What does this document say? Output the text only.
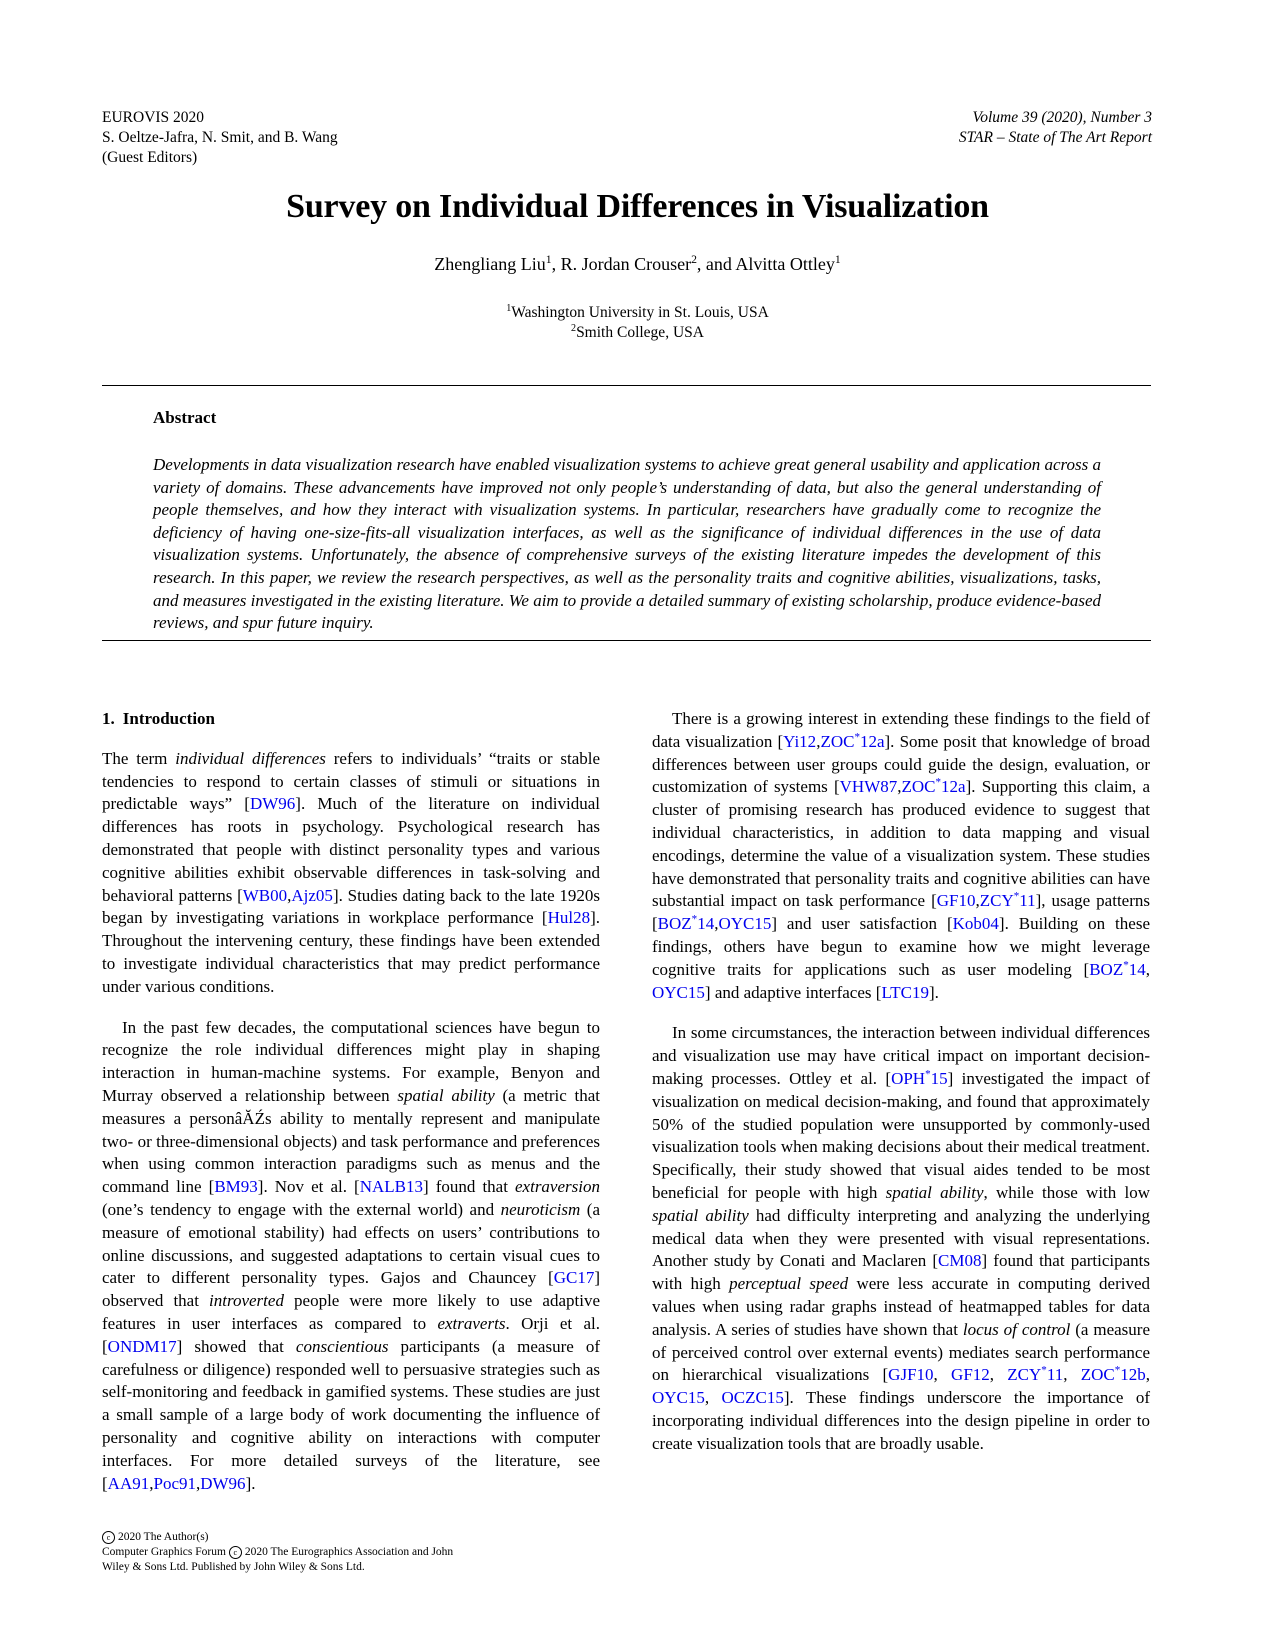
EUROVIS 2020
S. Oeltze-Jafra, N. Smit, and B. Wang
(Guest Editors)
Volume 39 (2020), Number 3
STAR – State of The Art Report
Survey on Individual Differences in Visualization
Zhengliang Liu$^1$, R. Jordan Crouser$^2$, and Alvitta Ottley$^1$
$^1$Washington University in St. Louis, USA
$^2$Smith College, USA
Abstract
Developments in data visualization research have enabled visualization systems to achieve great general usability and application across a variety of domains. These advancements have improved not only people’s understanding of data, but also the general understanding of people themselves, and how they interact with visualization systems. In particular, researchers have gradually come to recognize the deficiency of having one-size-fits-all visualization interfaces, as well as the significance of individual differences in the use of data visualization systems. Unfortunately, the absence of comprehensive surveys of the existing literature impedes the development of this research. In this paper, we review the research perspectives, as well as the personality traits and cognitive abilities, visualizations, tasks, and measures investigated in the existing literature. We aim to provide a detailed summary of existing scholarship, produce evidence-based reviews, and spur future inquiry.
1. Introduction

The term individual differences refers to individuals’ “traits or stable tendencies to respond to certain classes of stimuli or situations in predictable ways” [DW96]. Much of the literature on individual differences has roots in psychology. Psychological research has demonstrated that people with distinct personality types and various cognitive abilities exhibit observable differences in task-solving and behavioral patterns [WB00,Ajz05]. Studies dating back to the late 1920s began by investigating variations in workplace performance [Hul28]. Throughout the intervening century, these findings have been extended to investigate individual characteristics that may predict performance under various conditions.

In the past few decades, the computational sciences have begun to recognize the role individual differences might play in shaping interaction in human-machine systems. For example, Benyon and Murray observed a relationship between spatial ability (a metric that measures a personâĂŹs ability to mentally represent and manipulate two- or three-dimensional objects) and task performance and preferences when using common interaction paradigms such as menus and the command line [BM93]. Nov et al. [NALB13] found that extraversion (one’s tendency to engage with the external world) and neuroticism (a measure of emotional stability) had effects on users’ contributions to online discussions, and suggested adaptations to certain visual cues to cater to different personality types. Gajos and Chauncey [GC17] observed that introverted people were more likely to use adaptive features in user interfaces as compared to extraverts. Orji et al. [ONDM17] showed that conscientious participants (a measure of carefulness or diligence) responded well to persuasive strategies such as self-monitoring and feedback in gamified systems. These studies are just a small sample of a large body of work documenting the influence of personality and cognitive ability on interactions with computer interfaces. For more detailed surveys of the literature, see [AA91,Poc91,DW96].

There is a growing interest in extending these findings to the field of data visualization [Yi12,ZOC*12a]. Some posit that knowledge of broad differences between user groups could guide the design, evaluation, or customization of systems [VHW87,ZOC*12a]. Supporting this claim, a cluster of promising research has produced evidence to suggest that individual characteristics, in addition to data mapping and visual encodings, determine the value of a visualization system. These studies have demonstrated that personality traits and cognitive abilities can have substantial impact on task performance [GF10,ZCY*11], usage patterns [BOZ*14,OYC15] and user satisfaction [Kob04]. Building on these findings, others have begun to examine how we might leverage cognitive traits for applications such as user modeling [BOZ*14, OYC15] and adaptive interfaces [LTC19].

In some circumstances, the interaction between individual differences and visualization use may have critical impact on important decision-making processes. Ottley et al. [OPH*15] investigated the impact of visualization on medical decision-making, and found that approximately 50% of the studied population were unsupported by commonly-used visualization tools when making decisions about their medical treatment. Specifically, their study showed that visual aides tended to be most beneficial for people with high spatial ability, while those with low spatial ability had difficulty interpreting and analyzing the underlying medical data when they were presented with visual representations. Another study by Conati and Maclaren [CM08] found that participants with high perceptual speed were less accurate in computing derived values when using radar graphs instead of heatmapped tables for data analysis. A series of studies have shown that locus of control (a measure of perceived control over external events) mediates search performance on hierarchical visualizations [GJF10, GF12, ZCY*11, ZOC*12b, OYC15, OCZC15]. These findings underscore the importance of incorporating individual differences into the design pipeline in order to create visualization tools that are broadly usable.

c 2020 The Author(s)
Computer Graphics Forum c 2020 The Eurographics Association and John
Wiley & Sons Ltd. Published by John Wiley & Sons Ltd.
